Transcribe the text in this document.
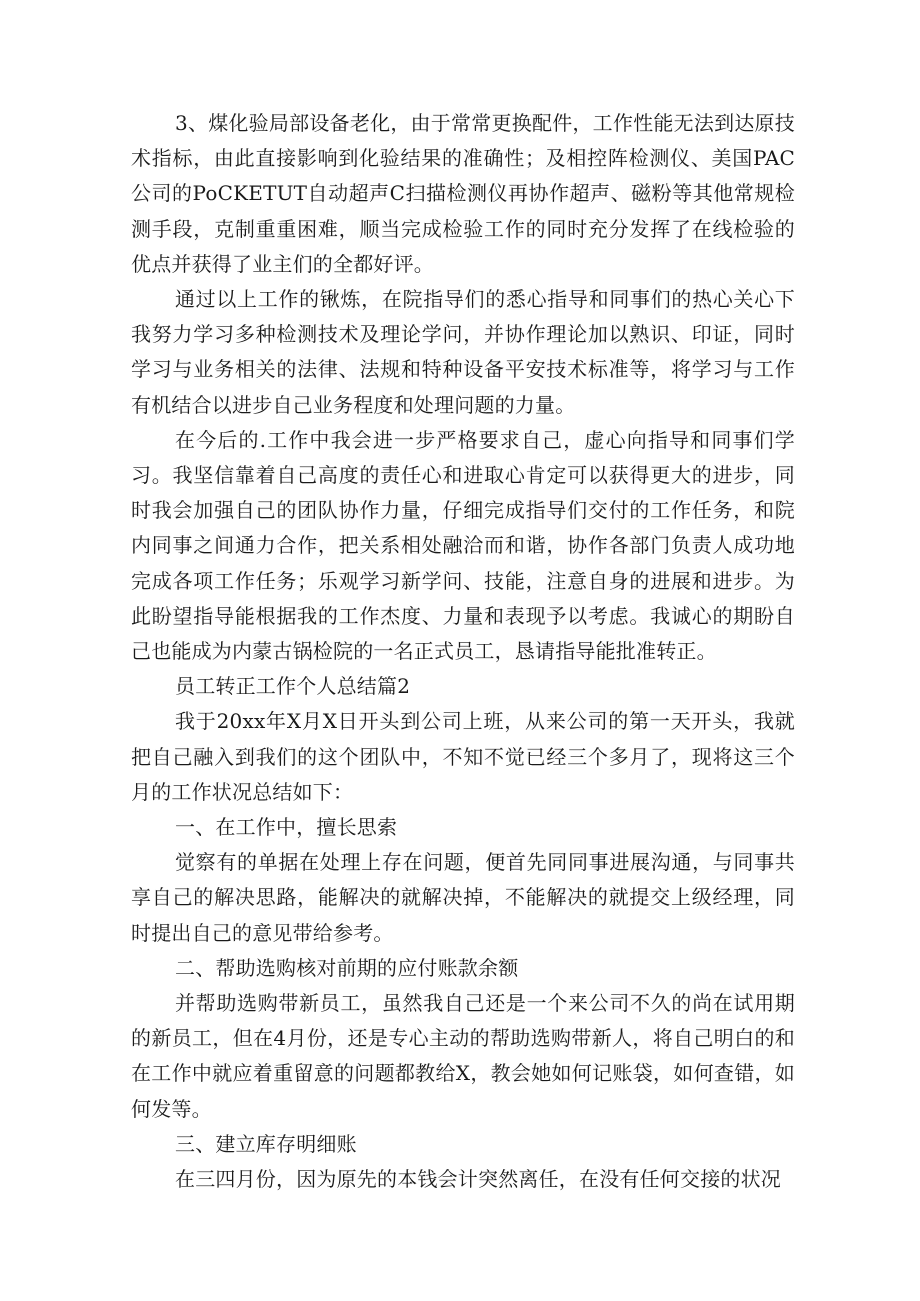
3、煤化验局部设备老化，由于常常更换配件，工作性能无法到达原技术指标，由此直接影响到化验结果的准确性；及相控阵检测仪、美国PAC公司的PoCKETUT自动超声C扫描检测仪再协作超声、磁粉等其他常规检测手段，克制重重困难，顺当完成检验工作的同时充分发挥了在线检验的优点并获得了业主们的全都好评。

通过以上工作的锹炼，在院指导们的悉心指导和同事们的热心关心下我努力学习多种检测技术及理论学问，并协作理论加以熟识、印证，同时学习与业务相关的法律、法规和特种设备平安技术标准等，将学习与工作有机结合以进步自己业务程度和处理问题的力量。

在今后的.工作中我会进一步严格要求自己，虚心向指导和同事们学习。我坚信靠着自己高度的责任心和进取心肯定可以获得更大的进步，同时我会加强自己的团队协作力量，仔细完成指导们交付的工作任务，和院内同事之间通力合作，把关系相处融洽而和谐，协作各部门负责人成功地完成各项工作任务；乐观学习新学问、技能，注意自身的进展和进步。为此盼望指导能根据我的工作杰度、力量和表现予以考虑。我诚心的期盼自己也能成为内蒙古锅检院的一名正式员工，恳请指导能批准转正。

员工转正工作个人总结篇2

我于20xx年X月X日开头到公司上班，从来公司的第一天开头，我就把自己融入到我们的这个团队中，不知不觉已经三个多月了，现将这三个月的工作状况总结如下：

一、在工作中，擅长思索

觉察有的单据在处理上存在问题，便首先同同事进展沟通，与同事共享自己的解决思路，能解决的就解决掉，不能解决的就提交上级经理，同时提出自己的意见带给参考。

二、帮助选购核对前期的应付账款余额

并帮助选购带新员工，虽然我自己还是一个来公司不久的尚在试用期的新员工，但在4月份，还是专心主动的帮助选购带新人，将自己明白的和在工作中就应着重留意的问题都教给X，教会她如何记账袋，如何查错，如何发等。

三、建立库存明细账

在三四月份，因为原先的本钱会计突然离任，在没有任何交接的状况
